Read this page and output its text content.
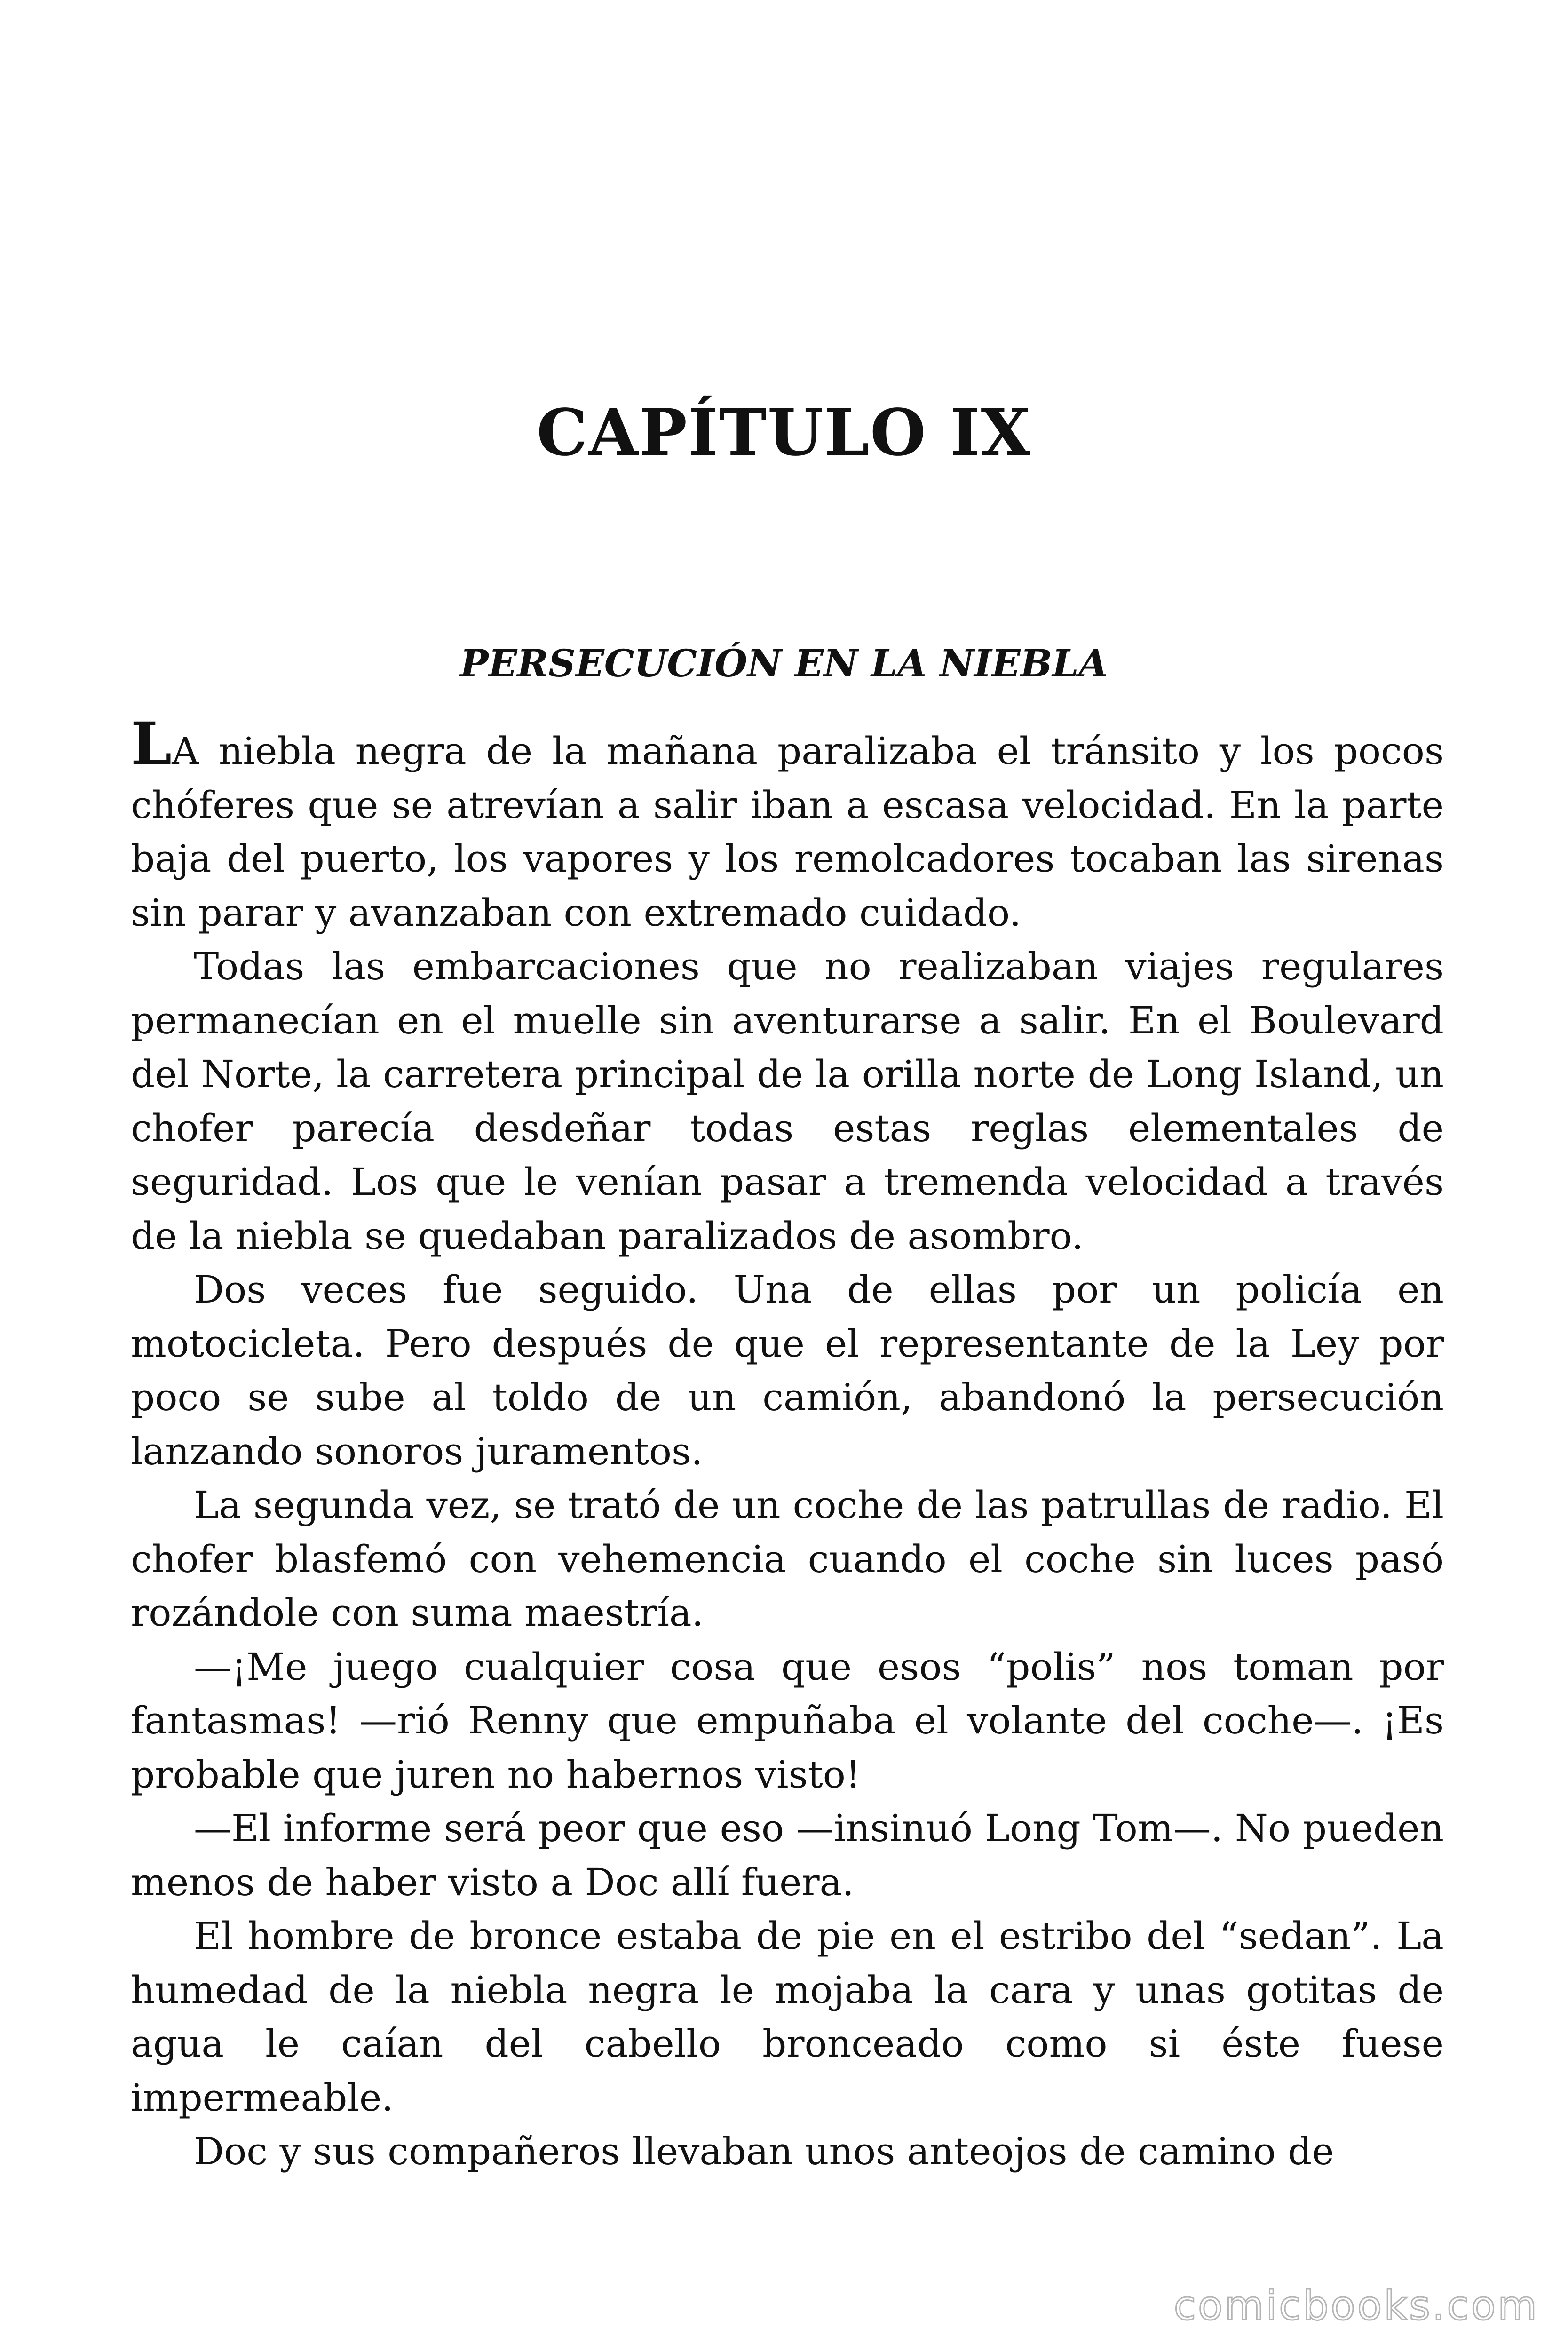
CAPÍTULO IX
PERSECUCIÓN EN LA NIEBLA

LA niebla negra de la mañana paralizaba el tránsito y los pocos chóferes que se atrevían a salir iban a escasa velocidad. En la parte baja del puerto, los vapores y los remolcadores tocaban las sirenas sin parar y avanzaban con extremado cuidado.

Todas las embarcaciones que no realizaban viajes regulares permanecían en el muelle sin aventurarse a salir. En el Boulevard del Norte, la carretera principal de la orilla norte de Long Island, un chofer parecía desdeñar todas estas reglas elementales de seguridad. Los que le venían pasar a tremenda velocidad a través de la niebla se quedaban paralizados de asombro.

Dos veces fue seguido. Una de ellas por un policía en motocicleta. Pero después de que el representante de la Ley por poco se sube al toldo de un camión, abandonó la persecución lanzando sonoros juramentos.

La segunda vez, se trató de un coche de las patrullas de radio. El chofer blasfemó con vehemencia cuando el coche sin luces pasó rozándole con suma maestría.

—¡Me juego cualquier cosa que esos “polis” nos toman por fantasmas! —rió Renny que empuñaba el volante del coche—. ¡Es probable que juren no habernos visto!

—El informe será peor que eso —insinuó Long Tom—. No pueden menos de haber visto a Doc allí fuera.

El hombre de bronce estaba de pie en el estribo del “sedan”. La humedad de la niebla negra le mojaba la cara y unas gotitas de agua le caían del cabello bronceado como si éste fuese impermeable.

Doc y sus compañeros llevaban unos anteojos de camino de

comicbooks.com
